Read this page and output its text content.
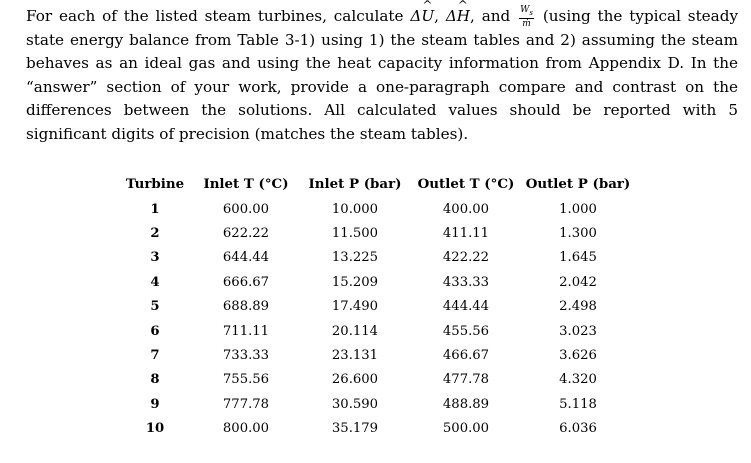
For each of the listed steam turbines, calculate Δ^ U, Δ^ H, and $\frac{W_s}{\text{ṁ}} (using$ the typical steady state energy balance from Table 3-1) using 1) the steam tables and 2) assuming the steam behaves as an ideal gas and using the heat capacity information from Appendix D. In the “answer” section of your work, provide a one-paragraph compare and contrast on the differences between the solutions. All calculated values should be reported with 5 significant digits of precision (matches the steam tables).
Turbine	Inlet T (°C)	Inlet P (bar)	Outlet T (°C)	Outlet P (bar)
1	600.00	10.000	400.00	1.000
2	622.22	11.500	411.11	1.300
3	644.44	13.225	422.22	1.645
4	666.67	15.209	433.33	2.042
5	688.89	17.490	444.44	2.498
6	711.11	20.114	455.56	3.023
7	733.33	23.131	466.67	3.626
8	755.56	26.600	477.78	4.320
9	777.78	30.590	488.89	5.118
10	800.00	35.179	500.00	6.036
